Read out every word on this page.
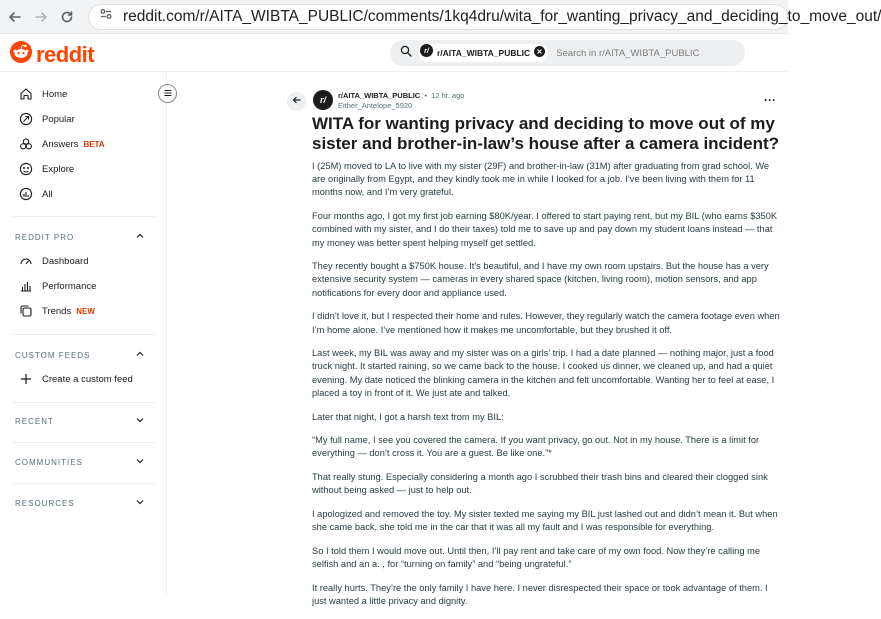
reddit.com/r/AITA_WIBTA_PUBLIC/comments/1kq4dru/wita_for_wanting_privacy_and_deciding_to_move_out/
reddit	r/ r/AITA_WIBTA_PUBLIC	Search in r/AITA_WIBTA_PUBLIC
Home
Popular
Answers BETA
Explore
All
REDDIT PRO
Dashboard
Performance
Trends NEW
CUSTOM FEEDS
Create a custom feed
RECENT
COMMUNITIES
RESOURCES
r/ r/AITA_WIBTA_PUBLIC • 12 hr. ago
Either_Antelope_5920	···
WITA for wanting privacy and deciding to move out of my sister and brother-in-law’s house after a camera incident?

I (25M) moved to LA to live with my sister (29F) and brother-in-law (31M) after graduating from grad school. We are originally from Egypt, and they kindly took me in while I looked for a job. I’ve been living with them for 11 months now, and I’m very grateful.

Four months ago, I got my first job earning $80K/year. I offered to start paying rent, but my BIL (who earns $350K combined with my sister, and I do their taxes) told me to save up and pay down my student loans instead — that my money was better spent helping myself get settled.

They recently bought a $750K house. It’s beautiful, and I have my own room upstairs. But the house has a very extensive security system — cameras in every shared space (kitchen, living room), motion sensors, and app notifications for every door and appliance used.

I didn’t love it, but I respected their home and rules. However, they regularly watch the camera footage even when I’m home alone. I’ve mentioned how it makes me uncomfortable, but they brushed it off.

Last week, my BIL was away and my sister was on a girls’ trip. I had a date planned — nothing major, just a food truck night. It started raining, so we came back to the house. I cooked us dinner, we cleaned up, and had a quiet evening. My date noticed the blinking camera in the kitchen and felt uncomfortable. Wanting her to feel at ease, I placed a toy in front of it. We just ate and talked.

Later that night, I got a harsh text from my BIL:

“My full name, I see you covered the camera. If you want privacy, go out. Not in my house. There is a limit for everything — don’t cross it. You are a guest. Be like one.”*

That really stung. Especially considering a month ago I scrubbed their trash bins and cleared their clogged sink without being asked — just to help out.

I apologized and removed the toy. My sister texted me saying my BIL just lashed out and didn’t mean it. But when she came back, she told me in the car that it was all my fault and I was responsible for everything.

So I told them I would move out. Until then, I’ll pay rent and take care of my own food. Now they’re calling me selfish and an a. , for “turning on family” and “being ungrateful.”

It really hurts. They’re the only family I have here. I never disrespected their space or took advantage of them. I just wanted a little privacy and dignity.
